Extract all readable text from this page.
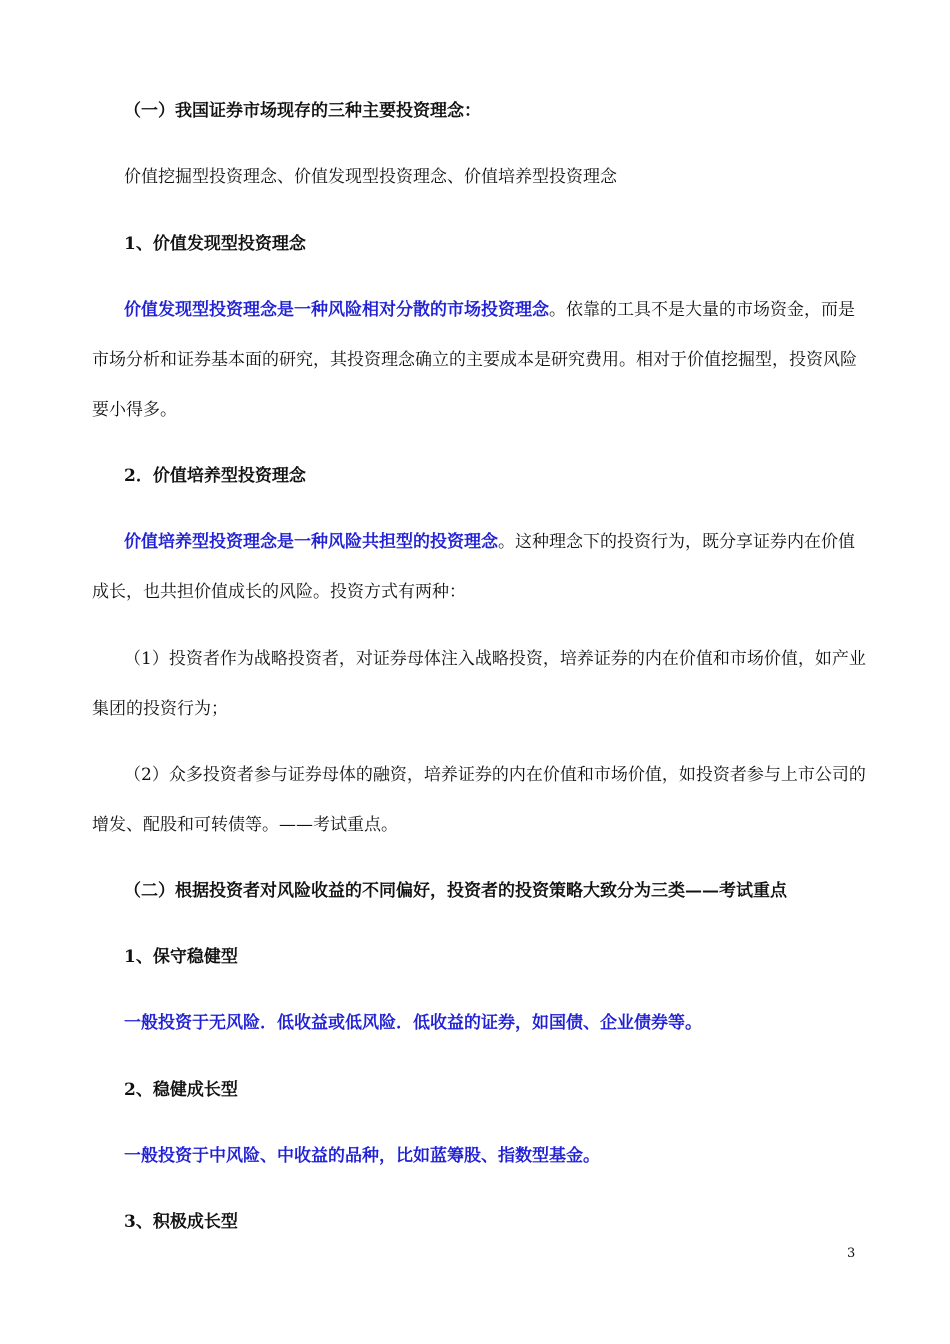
（一）我国证券市场现存的三种主要投资理念：
价值挖掘型投资理念、价值发现型投资理念、价值培养型投资理念
1、价值发现型投资理念
价值发现型投资理念是一种风险相对分散的市场投资理念。依靠的工具不是大量的市场资金，而是
市场分析和证券基本面的研究，其投资理念确立的主要成本是研究费用。相对于价值挖掘型，投资风险
要小得多。
2．价值培养型投资理念
价值培养型投资理念是一种风险共担型的投资理念。这种理念下的投资行为，既分享证券内在价值
成长，也共担价值成长的风险。投资方式有两种：
（1）投资者作为战略投资者，对证券母体注入战略投资，培养证券的内在价值和市场价值，如产业
集团的投资行为；
（2）众多投资者参与证券母体的融资，培养证券的内在价值和市场价值，如投资者参与上市公司的
增发、配股和可转债等。——考试重点。
（二）根据投资者对风险收益的不同偏好，投资者的投资策略大致分为三类——考试重点
1、保守稳健型
一般投资于无风险．低收益或低风险．低收益的证券，如国债、企业债券等。
2、稳健成长型
一般投资于中风险、中收益的品种，比如蓝筹股、指数型基金。
3、积极成长型
3
